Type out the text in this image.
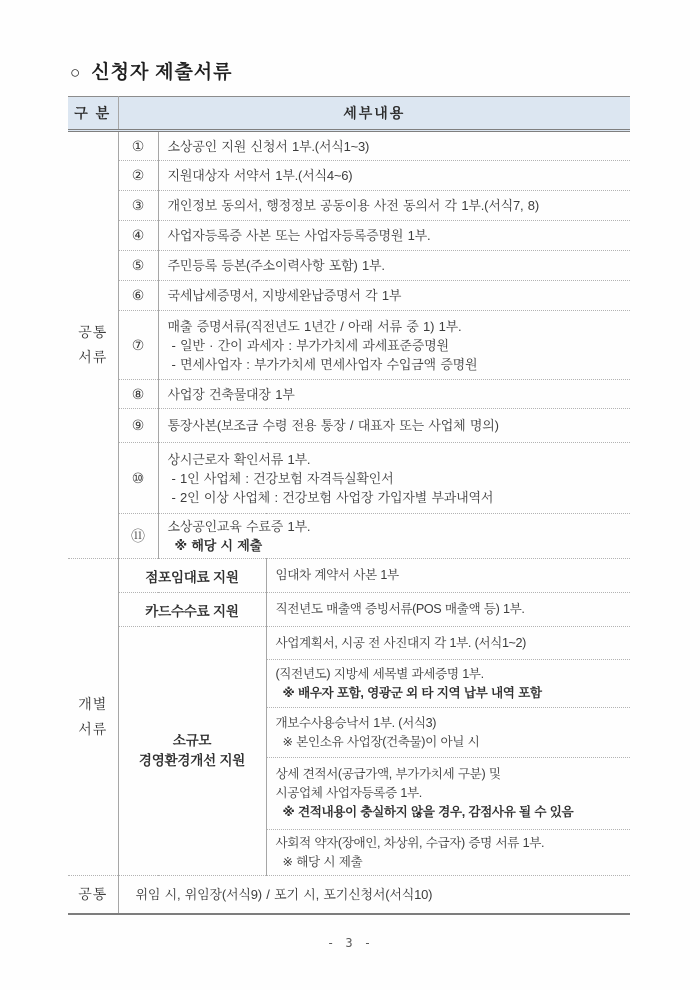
○ 신청자 제출서류
구 분	세부내용		

공통
서류	①	소상공인 지원 신청서 1부.(서식1~3)	

	②	지원대상자 서약서 1부.(서식4~6)	

	③	개인정보 동의서, 행정정보 공동이용 사전 동의서 각 1부.(서식7, 8)	

	④	사업자등록증 사본 또는 사업자등록증명원 1부.	

	⑤	주민등록 등본(주소이력사항 포함) 1부.	

	⑥	국세납세증명서, 지방세완납증명서 각 1부	

	⑦	매출 증명서류(직전년도 1년간 / 아래 서류 중 1) 1부.
- 일반 · 간이 과세자 : 부가가치세 과세표준증명원
- 면세사업자 : 부가가치세 면세사업자 수입금액 증명원	

	⑧	사업장 건축물대장 1부	

	⑨	통장사본(보조금 수령 전용 통장 / 대표자 또는 사업체 명의)	

	⑩	상시근로자 확인서류 1부.
- 1인 사업체 : 건강보험 자격득실확인서
- 2인 이상 사업체 : 건강보험 사업장 가입자별 부과내역서	

	⑪	소상공인교육 수료증 1부.
※ 해당 시 제출	

개별
서류	점포임대료 지원		임대차 계약서 사본 1부

	카드수수료 지원		직전년도 매출액 증빙서류(POS 매출액 등) 1부.

	소규모
경영환경개선 지원		사업계획서, 시공 전 사진대지 각 1부. (서식1~2)

			(직전년도) 지방세 세목별 과세증명 1부.
※ 배우자 포함, 영광군 외 타 지역 납부 내역 포함

			개보수사용승낙서 1부. (서식3)
※ 본인소유 사업장(건축물)이 아닐 시

			상세 견적서(공급가액, 부가가치세 구분) 및
시공업체 사업자등록증 1부.
※ 견적내용이 충실하지 않을 경우, 감점사유 될 수 있음

			사회적 약자(장애인, 차상위, 수급자) 증명 서류 1부.
※ 해당 시 제출

공통	위임 시, 위임장(서식9) / 포기 시, 포기신청서(서식10)		
- 3 -
